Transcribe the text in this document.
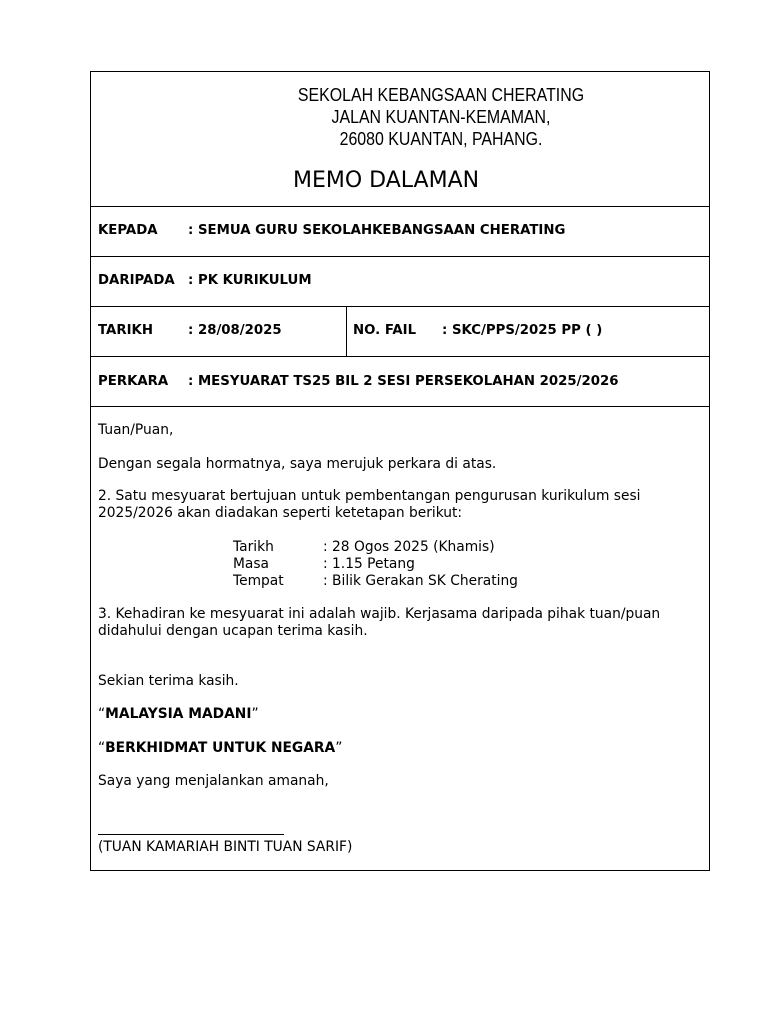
SEKOLAH KEBANGSAAN CHERATING
JALAN KUANTAN-KEMAMAN,
26080 KUANTAN, PAHANG.
MEMO DALAMAN
KEPADA : SEMUA GURU SEKOLAHKEBANGSAAN CHERATING
DARIPADA : PK KURIKULUM
TARIKH	: 28/08/2025	NO. FAIL : SKC/PPS/2025 PP ( )
PERKARA : MESYUARAT TS25 BIL 2 SESI PERSEKOLAHAN 2025/2026
Tuan/Puan,
Dengan segala hormatnya, saya merujuk perkara di atas.
2. Satu mesyuarat bertujuan untuk pembentangan pengurusan kurikulum sesi
2025/2026 akan diadakan seperti ketetapan berikut:
Tarikh	: 28 Ogos 2025 (Khamis)
Masa	: 1.15 Petang
Tempat	: Bilik Gerakan SK Cherating
3. Kehadiran ke mesyuarat ini adalah wajib. Kerjasama daripada pihak tuan/puan
didahului dengan ucapan terima kasih.
Sekian terima kasih.
“MALAYSIA MADANI”
“BERKHIDMAT UNTUK NEGARA”
Saya yang menjalankan amanah,
(TUAN KAMARIAH BINTI TUAN SARIF)
